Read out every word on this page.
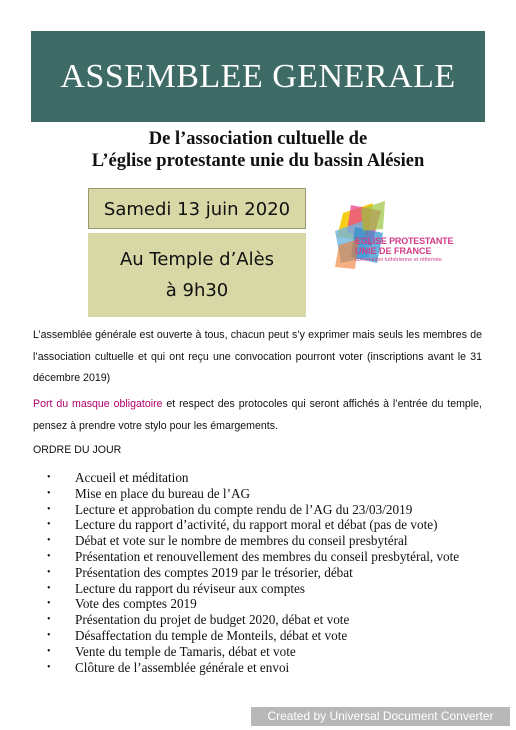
ASSEMBLEE GENERALE
De l’association cultuelle de
L’église protestante unie du bassin Alésien
Samedi 13 juin 2020
Au Temple d’Alès
à 9h30
EGLISE PROTESTANTE
UNIE DE FRANCE
communion luthérienne et réformée
L’assemblée générale est ouverte à tous, chacun peut s’y exprimer mais seuls les membres de l’association cultuelle et qui ont reçu une convocation pourront voter (inscriptions avant le 31 décembre 2019)
Port du masque obligatoire et respect des protocoles qui seront affichés à l’entrée du temple, pensez à prendre votre stylo pour les émargements.
ORDRE DU JOUR
• Accueil et méditation
• Mise en place du bureau de l’AG
• Lecture et approbation du compte rendu de l’AG du 23/03/2019
• Lecture du rapport d’activité, du rapport moral et débat (pas de vote)
• Débat et vote sur le nombre de membres du conseil presbytéral
• Présentation et renouvellement des membres du conseil presbytéral, vote
• Présentation des comptes 2019 par le trésorier, débat
• Lecture du rapport du réviseur aux comptes
• Vote des comptes 2019
• Présentation du projet de budget 2020, débat et vote
• Désaffectation du temple de Monteils, débat et vote
• Vente du temple de Tamaris, débat et vote
• Clôture de l’assemblée générale et envoi
Created by Universal Document Converter
